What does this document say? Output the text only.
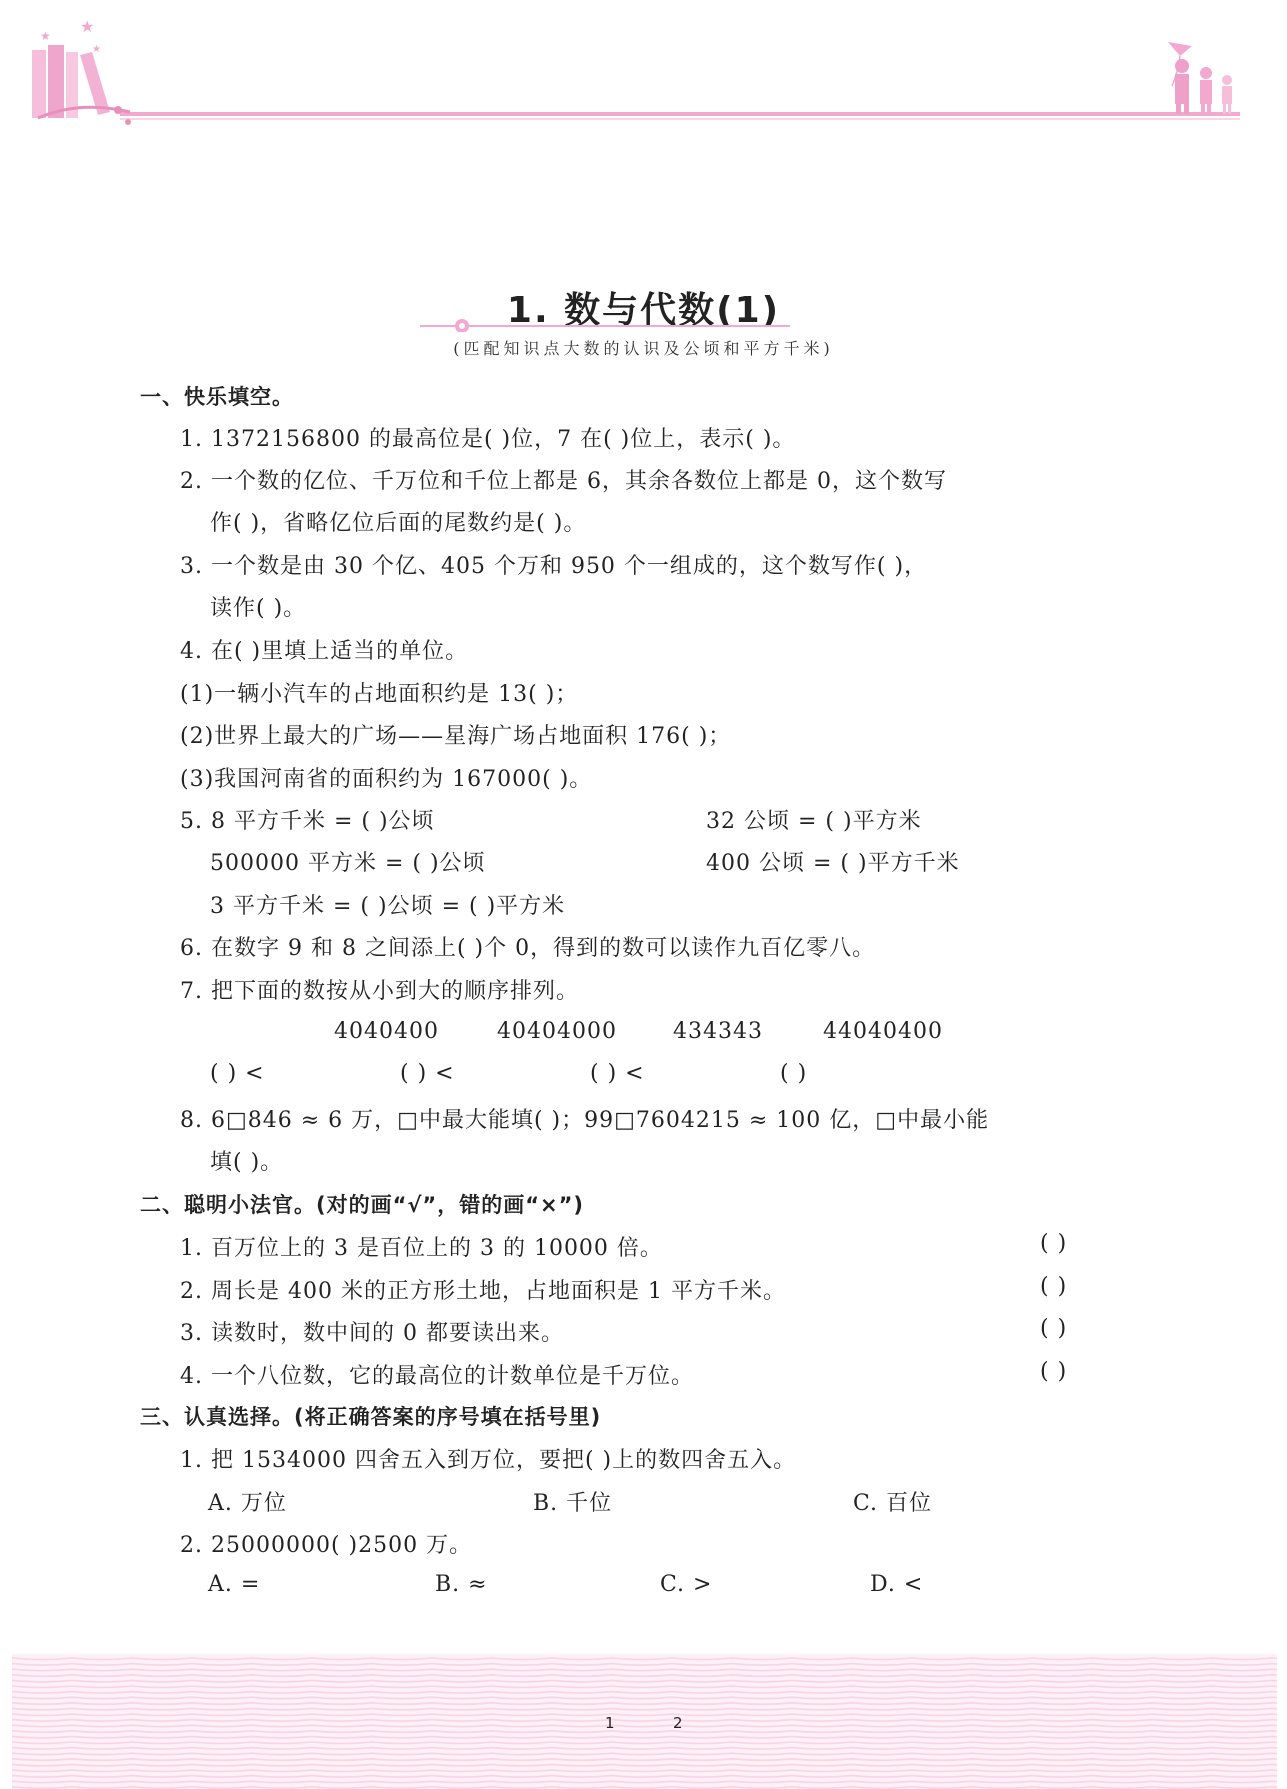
★
★
★
1. 数与代数(1)
(匹配知识点大数的认识及公顷和平方千米)
一、快乐填空。
1. 1372156800 的最高位是( )位，7 在( )位上，表示( )。
2. 一个数的亿位、千万位和千位上都是 6，其余各数位上都是 0，这个数写
作( )，省略亿位后面的尾数约是( )。
3. 一个数是由 30 个亿、405 个万和 950 个一组成的，这个数写作( )，
读作( )。
4. 在( )里填上适当的单位。
(1)一辆小汽车的占地面积约是 13( )；
(2)世界上最大的广场——星海广场占地面积 176( )；
(3)我国河南省的面积约为 167000( )。
5. 8 平方千米 = ( )公顷	32 公顷 = ( )平方米
500000 平方米 = ( )公顷	400 公顷 = ( )平方千米
3 平方千米 = ( )公顷 = ( )平方米
6. 在数字 9 和 8 之间添上( )个 0，得到的数可以读作九百亿零八。
7. 把下面的数按从小到大的顺序排列。
4040400	40404000	434343	44040400
( ) <	( ) <	( ) <	( )
8. 6□846 ≈ 6 万，□中最大能填( )；99□7604215 ≈ 100 亿，□中最小能
填( )。
二、聪明小法官。(对的画“√”，错的画“×”)
1. 百万位上的 3 是百位上的 3 的 10000 倍。	( )
2. 周长是 400 米的正方形土地，占地面积是 1 平方千米。	( )
3. 读数时，数中间的 0 都要读出来。	( )
4. 一个八位数，它的最高位的计数单位是千万位。	( )
三、认真选择。(将正确答案的序号填在括号里)
1. 把 1534000 四舍五入到万位，要把( )上的数四舍五入。
A. 万位	B. 千位	C. 百位
2. 25000000( )2500 万。
A. =	B. ≈	C. >	D. <
1	2
